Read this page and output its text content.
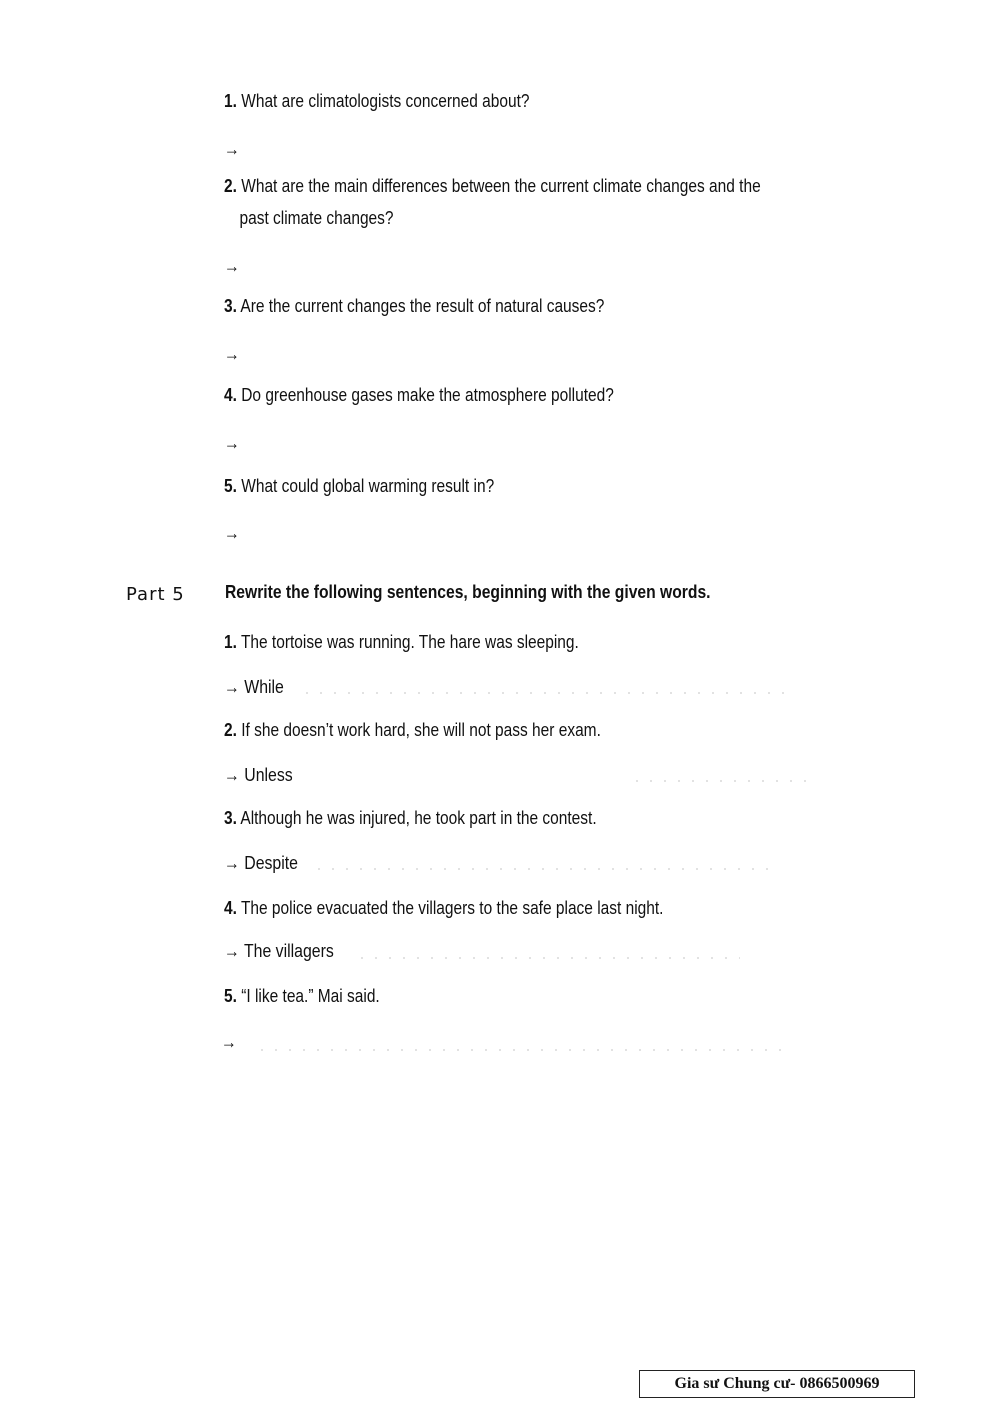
1. What are climatologists concerned about?
→
2. What are the main differences between the current climate changes and the
past climate changes?
→
3. Are the current changes the result of natural causes?
→
4. Do greenhouse gases make the atmosphere polluted?
→
5. What could global warming result in?
→
Part 5 Rewrite the following sentences, beginning with the given words.
1. The tortoise was running. The hare was sleeping.
→ While
2. If she doesn’t work hard, she will not pass her exam.
→ Unless
3. Although he was injured, he took part in the contest.
→ Despite
4. The police evacuated the villagers to the safe place last night.
→ The villagers
5. “I like tea.” Mai said.
→
Gia sư Chung cư- 0866500969
